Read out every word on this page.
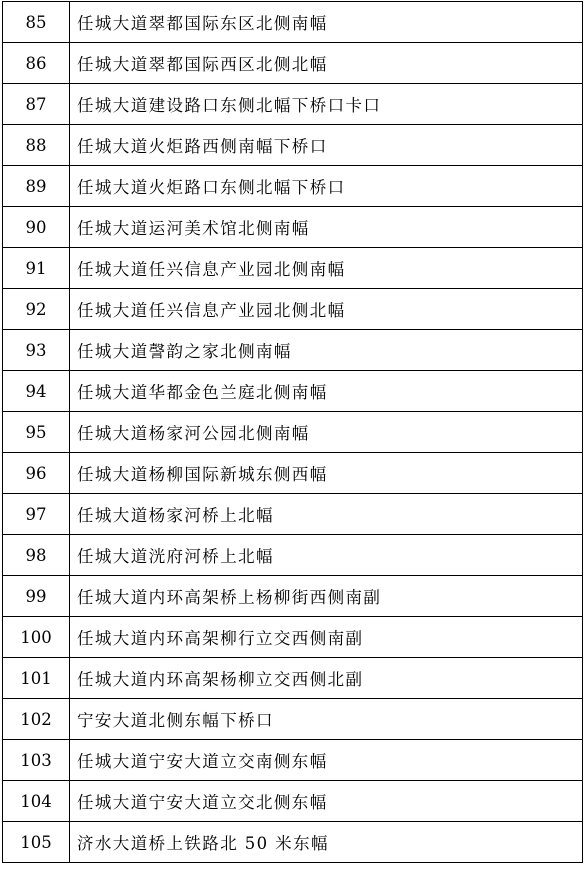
85	任城大道翠都国际东区北侧南幅
86	任城大道翠都国际西区北侧北幅
87	任城大道建设路口东侧北幅下桥口卡口
88	任城大道火炬路西侧南幅下桥口
89	任城大道火炬路口东侧北幅下桥口
90	任城大道运河美术馆北侧南幅
91	任城大道任兴信息产业园北侧南幅
92	任城大道任兴信息产业园北侧北幅
93	任城大道謦韵之家北侧南幅
94	任城大道华都金色兰庭北侧南幅
95	任城大道杨家河公园北侧南幅
96	任城大道杨柳国际新城东侧西幅
97	任城大道杨家河桥上北幅
98	任城大道洸府河桥上北幅
99	任城大道内环高架桥上杨柳街西侧南副
100	任城大道内环高架柳行立交西侧南副
101	任城大道内环高架杨柳立交西侧北副
102	宁安大道北侧东幅下桥口
103	任城大道宁安大道立交南侧东幅
104	任城大道宁安大道立交北侧东幅
105	济水大道桥上铁路北 50 米东幅
